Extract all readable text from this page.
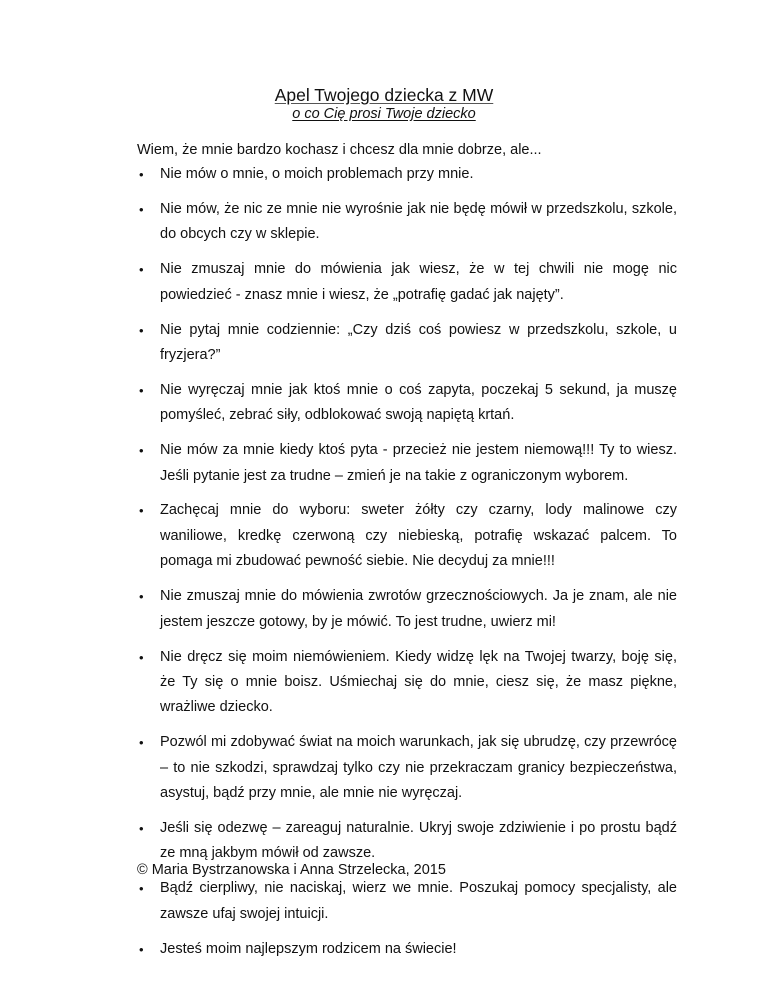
Apel Twojego dziecka z MW
o co Cię prosi Twoje dziecko
Wiem, że mnie bardzo kochasz i chcesz dla mnie dobrze, ale...
• Nie mów o mnie, o moich problemach przy mnie.
• Nie mów, że nic ze mnie nie wyrośnie jak nie będę mówił w przedszkolu, szkole, do obcych czy w sklepie.
• Nie zmuszaj mnie do mówienia jak wiesz, że w tej chwili nie mogę nic powiedzieć - znasz mnie i wiesz, że „potrafię gadać jak najęty”.
• Nie pytaj mnie codziennie: „Czy dziś coś powiesz w przedszkolu, szkole, u fryzjera?”
• Nie wyręczaj mnie jak ktoś mnie o coś zapyta, poczekaj 5 sekund, ja muszę pomyśleć, zebrać siły, odblokować swoją napiętą krtań.
• Nie mów za mnie kiedy ktoś pyta - przecież nie jestem niemową!!! Ty to wiesz. Jeśli pytanie jest za trudne – zmień je na takie z ograniczonym wyborem.
• Zachęcaj mnie do wyboru: sweter żółty czy czarny, lody malinowe czy waniliowe, kredkę czerwoną czy niebieską, potrafię wskazać palcem. To pomaga mi zbudować pewność siebie. Nie decyduj za mnie!!!
• Nie zmuszaj mnie do mówienia zwrotów grzecznościowych. Ja je znam, ale nie jestem jeszcze gotowy, by je mówić. To jest trudne, uwierz mi!
• Nie dręcz się moim niemówieniem. Kiedy widzę lęk na Twojej twarzy, boję się, że Ty się o mnie boisz. Uśmiechaj się do mnie, ciesz się, że masz piękne, wrażliwe dziecko.
• Pozwól mi zdobywać świat na moich warunkach, jak się ubrudzę, czy przewrócę – to nie szkodzi, sprawdzaj tylko czy nie przekraczam granicy bezpieczeństwa, asystuj, bądź przy mnie, ale mnie nie wyręczaj.
• Jeśli się odezwę – zareaguj naturalnie. Ukryj swoje zdziwienie i po prostu bądź ze mną jakbym mówił od zawsze.
• Bądź cierpliwy, nie naciskaj, wierz we mnie. Poszukaj pomocy specjalisty, ale zawsze ufaj swojej intuicji.
• Jesteś moim najlepszym rodzicem na świecie!
© Maria Bystrzanowska i Anna Strzelecka, 2015
